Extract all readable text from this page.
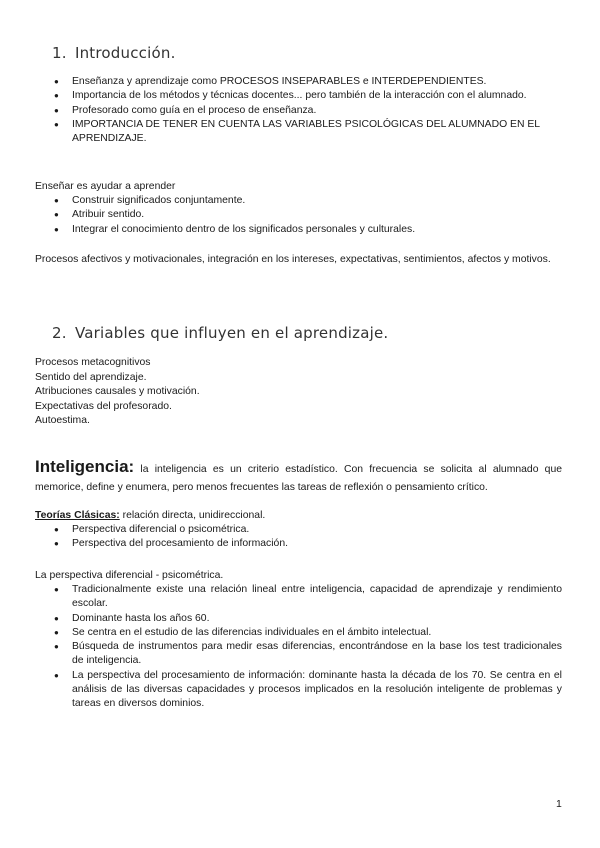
1. Introducción.
● Enseñanza y aprendizaje como PROCESOS INSEPARABLES e INTERDEPENDIENTES.
● Importancia de los métodos y técnicas docentes... pero también de la interacción con el alumnado.
● Profesorado como guía en el proceso de enseñanza.
● IMPORTANCIA DE TENER EN CUENTA LAS VARIABLES PSICOLÓGICAS DEL ALUMNADO EN EL APRENDIZAJE.
Enseñar es ayudar a aprender
● Construir significados conjuntamente.
● Atribuir sentido.
● Integrar el conocimiento dentro de los significados personales y culturales.
Procesos afectivos y motivacionales, integración en los intereses, expectativas, sentimientos, afectos y motivos.
2. Variables que influyen en el aprendizaje.
Procesos metacognitivos
Sentido del aprendizaje.
Atribuciones causales y motivación.
Expectativas del profesorado.
Autoestima.
Inteligencia: la inteligencia es un criterio estadístico. Con frecuencia se solicita al alumnado que memorice, define y enumera, pero menos frecuentes las tareas de reflexión o pensamiento crítico.
Teorías Clásicas: relación directa, unidireccional.
● Perspectiva diferencial o psicométrica.
● Perspectiva del procesamiento de información.
La perspectiva diferencial - psicométrica.
● Tradicionalmente existe una relación lineal entre inteligencia, capacidad de aprendizaje y rendimiento escolar.
● Dominante hasta los años 60.
● Se centra en el estudio de las diferencias individuales en el ámbito intelectual.
● Búsqueda de instrumentos para medir esas diferencias, encontrándose en la base los test tradicionales de inteligencia.
● La perspectiva del procesamiento de información: dominante hasta la década de los 70. Se centra en el análisis de las diversas capacidades y procesos implicados en la resolución inteligente de problemas y tareas en diversos dominios.
1
